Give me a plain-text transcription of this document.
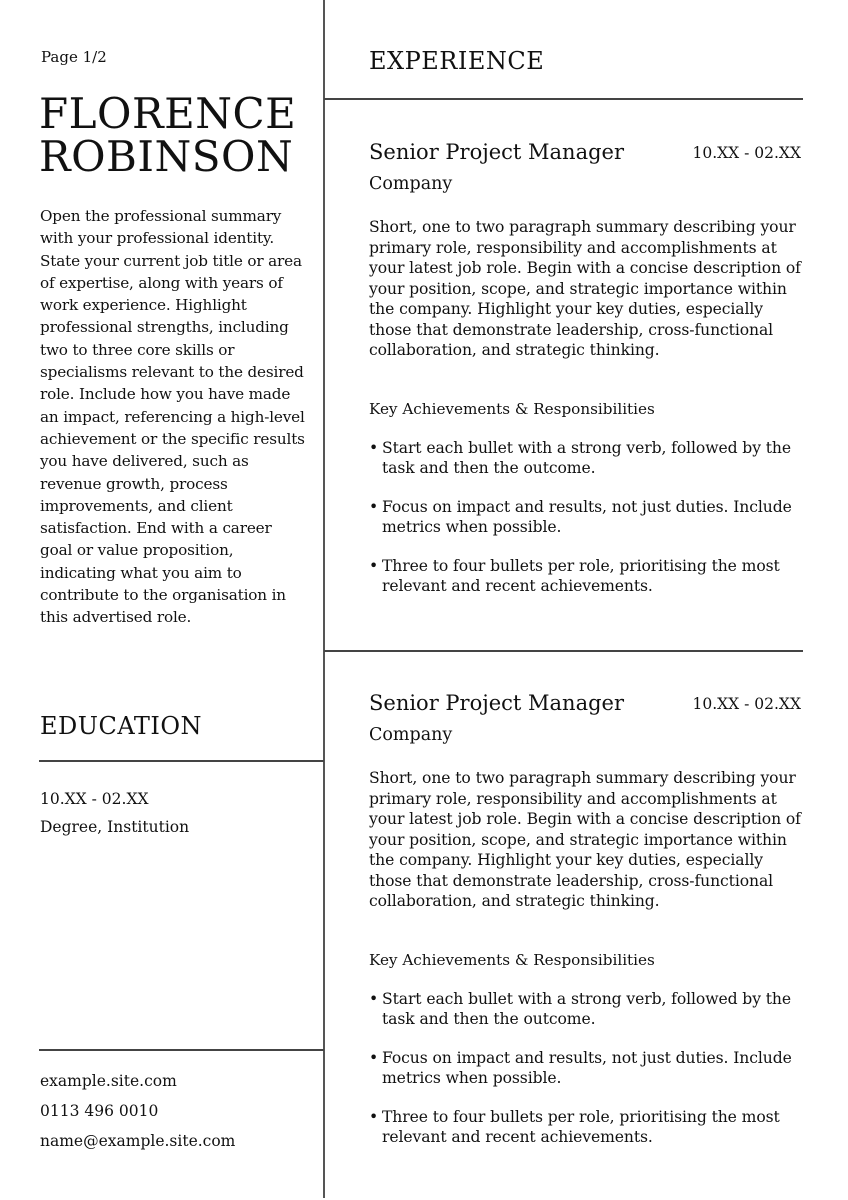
Page 1/2
FLORENCE
ROBINSON

Open the professional summary with your professional identity. State your current job title or area of expertise, along with years of work experience. Highlight professional strengths, including two to three core skills or specialisms relevant to the desired role. Include how you have made an impact, referencing a high-level achievement or the specific results you have delivered, such as revenue growth, process improvements, and client satisfaction. End with a career goal or value proposition, indicating what you aim to contribute to the organisation in this advertised role.

EDUCATION
10.XX - 02.XX
Degree, Institution
example.site.com
0113 496 0010
name@example.site.com
EXPERIENCE
Senior Project Manager	10.XX - 02.XX
Company

Short, one to two paragraph summary describing your primary role, responsibility and accomplishments at your latest job role. Begin with a concise description of your position, scope, and strategic importance within the company. Highlight your key duties, especially those that demonstrate leadership, cross-functional collaboration, and strategic thinking.

Key Achievements & Responsibilities
• Start each bullet with a strong verb, followed by the task and then the outcome.
• Focus on impact and results, not just duties. Include metrics when possible.
• Three to four bullets per role, prioritising the most relevant and recent achievements.
Senior Project Manager	10.XX - 02.XX
Company

Short, one to two paragraph summary describing your primary role, responsibility and accomplishments at your latest job role. Begin with a concise description of your position, scope, and strategic importance within the company. Highlight your key duties, especially those that demonstrate leadership, cross-functional collaboration, and strategic thinking.

Key Achievements & Responsibilities
• Start each bullet with a strong verb, followed by the task and then the outcome.
• Focus on impact and results, not just duties. Include metrics when possible.
• Three to four bullets per role, prioritising the most relevant and recent achievements.
